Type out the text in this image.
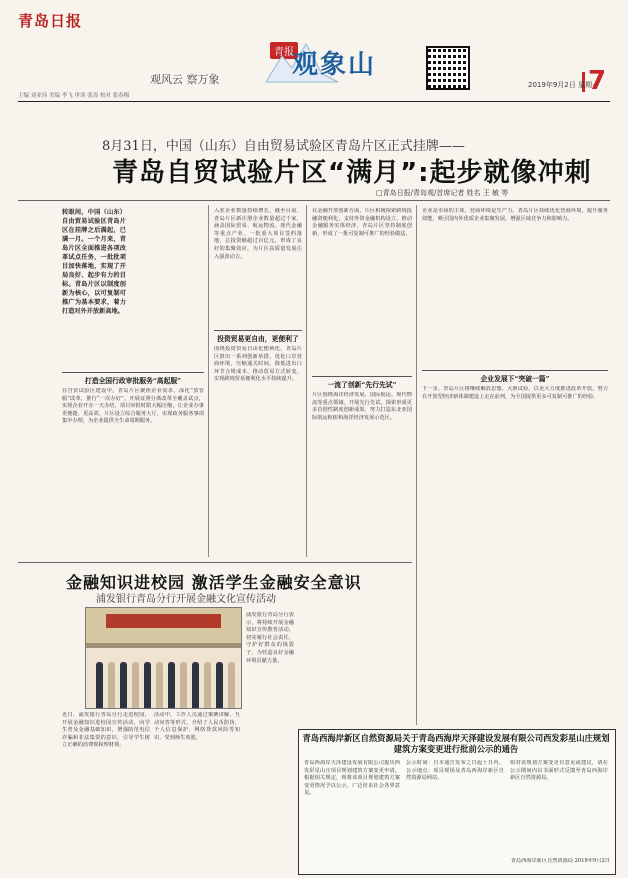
青岛日报
观风云 察万象
青报
观象山
7
2019年9月2日 星期一
主编 刘亚伟 美编 李飞 审读 张涛 校对 张春梅
8月31日，中国（山东）自由贸易试验区青岛片区正式挂牌——
青岛自贸试验片区“满月”:起步就像冲刺
□青岛日报/青岛观/首席记者 姓名 王 敏 等
转眼间，中国（山东）自由贸易试验区青岛片区在挂牌之后满起，已满一月。一个月来，青岛片区全面推进各项改革试点任务，一批批项目加快落地，实现了开局良好、起步有力的目标。青岛片区以制度创新为核心，以可复制可推广为基本要求，着力打造对外开放新高地。
打造全国行政审批服务“高起服”
在自贸试验区建设中，青岛片区聚焦企业需求，深化“放管服”改革，推行“一次办好”。开展证照分离改革全覆盖试点，实现企业开办一天办结，项目审批时限大幅压缩，让企业办事更便捷、更高效。片区设立综合服务大厅，实现政务服务事项集中办理，为企业提供全生命周期服务。
入驻企业数量持续增长，截至目前，青岛片区新注册企业数量超过千家，涵盖国际贸易、航运物流、现代金融等重点产业。一批重大项目签约落地，总投资额超过百亿元，形成了良好的集聚效应，为片区高质量发展注入强劲动力。
投资贸易更自由，更便利了
围绕投资贸易自由化便利化，青岛片区推出一系列创新举措，优化口岸营商环境，压缩通关时间，降低进出口环节合规成本，推动贸易方式转变，实现跨境贸易便利化水平持续提升。
在金融开放创新方面，片区积极探索跨境投融资便利化，支持外资金融机构设立，推动金融服务实体经济。青岛片区坚持制度创新，形成了一批可复制可推广的经验做法。
一流了创新“先行先试”
片区围绕海洋经济发展、国际航运、现代物流等重点领域，开展先行先试，探索形成更多首创性制度创新成果，努力打造东北亚国际航运枢纽和海洋经济发展示范区。
企业是市场的主体，营商环境是生产力。青岛片区持续优化营商环境，提升服务效能，吸引国内外优质企业集聚发展，增强区域竞争力和影响力。
企业发展下“突破一篇”
下一步，青岛片区将继续解放思想、大胆试验，以更大力度推进改革开放，努力在开放型经济新体制建设上走在前列，为全国提供更多可复制可推广的经验。
金融知识进校园 激活学生金融安全意识
浦发银行青岛分行开展金融文化宣传活动
近日，浦发银行青岛分行走进校园，开展金融知识进校园宣传活动，向学生普及金融基础知识，增强防范电信诈骗和非法集资的意识，引导学生树立正确的消费观和理财观。
活动中，工作人员通过案例讲解、互动问答等形式，介绍了人民币防伪、个人信息保护、网络贷款风险等知识，受到师生欢迎。
浦发银行青岛分行表示，将持续开展金融知识宣传教育活动，切实履行社会责任，守护好群众的钱袋子，为营造良好金融环境贡献力量。
青岛西海岸新区自然资源局关于青岛西海岸天泽建设发展有限公司西发彩星山庄规划建筑方案变更进行批前公示的通告
青岛西海岸天泽建设发展有限公司提出西发彩星山庄项目规划建筑方案变更申请。根据相关规定，现将该项目规划建筑方案变更情况予以公示，广泛征求社会各界意见。
公示时间：自本通告发布之日起十日内。公示地点：项目现场及青岛西海岸新区自然资源局网站。
如对该规划方案变更有意见或建议，请在公示期间内以书面形式反馈至青岛西海岸新区自然资源局。
青岛西海岸新区自然资源局 2019年9月2日
